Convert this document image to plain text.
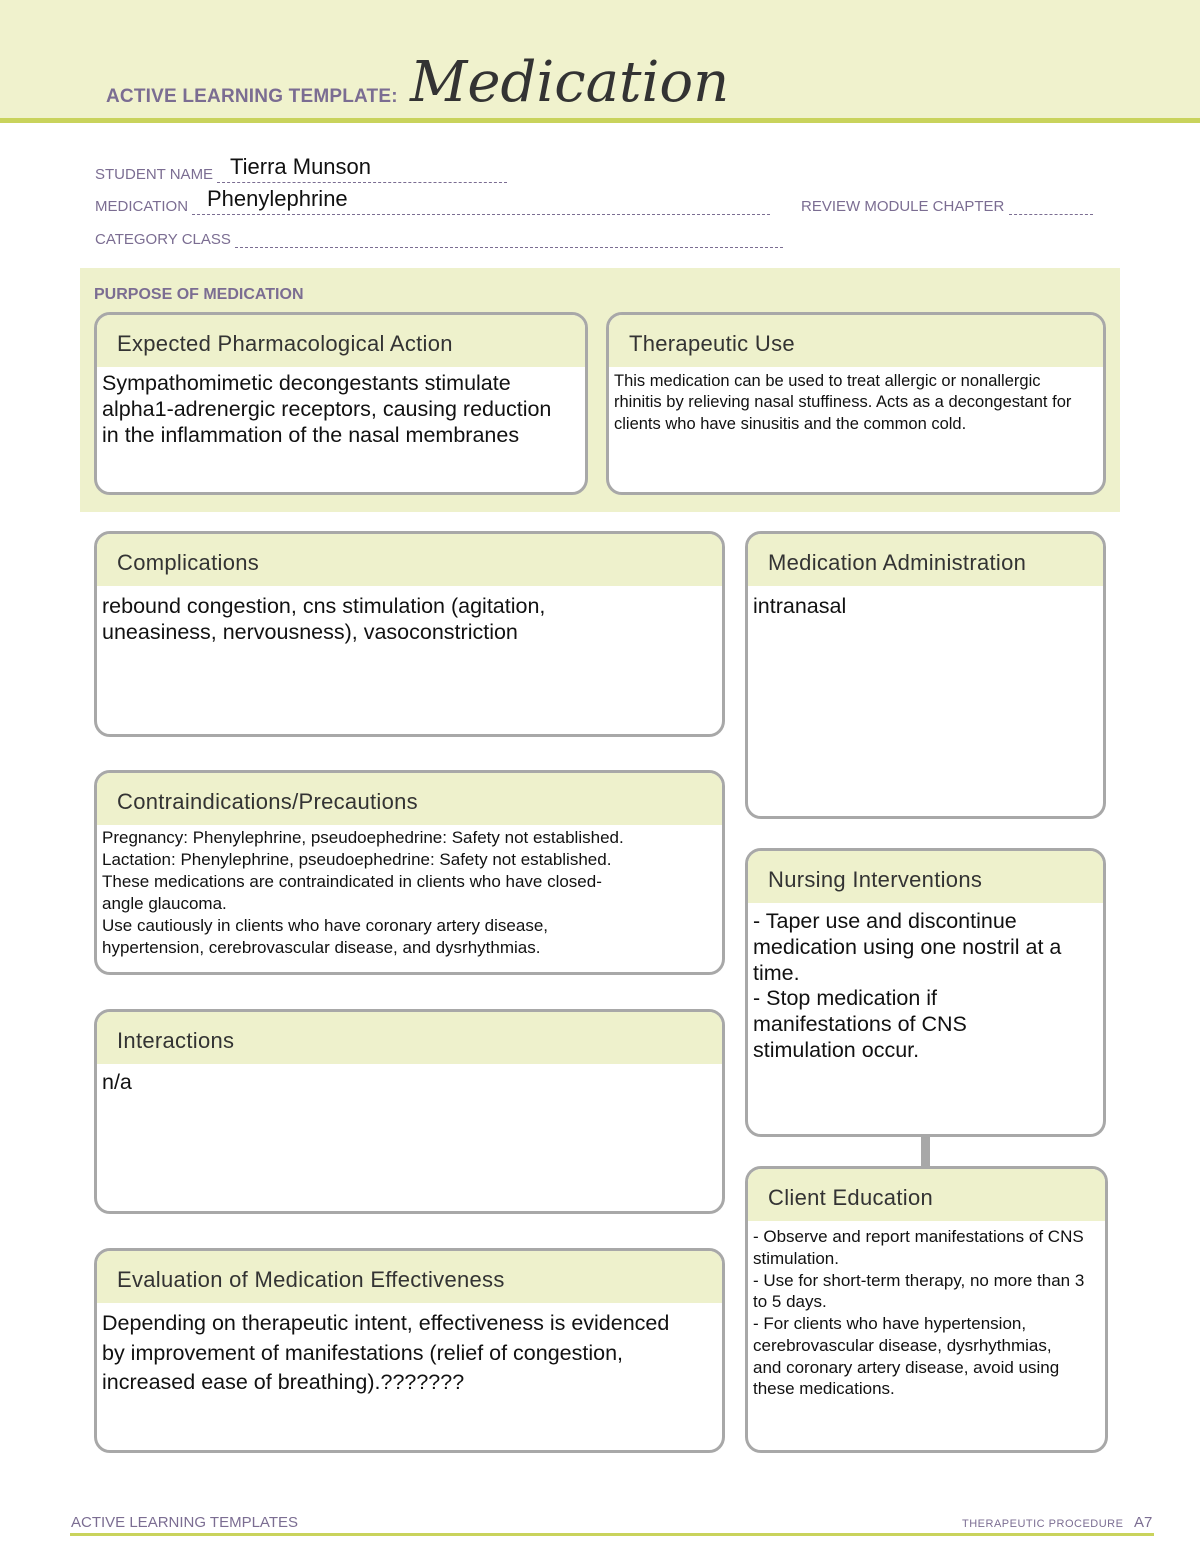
ACTIVE LEARNING TEMPLATE: Medication
STUDENT NAME Tierra Munson
MEDICATION Phenylephrine	REVIEW MODULE CHAPTER
CATEGORY CLASS
PURPOSE OF MEDICATION
Expected Pharmacological Action
Sympathomimetic decongestants stimulate alpha1-adrenergic receptors, causing reduction in the inflammation of the nasal membranes
Therapeutic Use
This medication can be used to treat allergic or nonallergic rhinitis by relieving nasal stuffiness. Acts as a decongestant for clients who have sinusitis and the common cold.
Complications
rebound congestion, cns stimulation (agitation, uneasiness, nervousness), vasoconstriction
Medication Administration
intranasal
Contraindications/Precautions
Pregnancy: Phenylephrine, pseudoephedrine: Safety not established.
Lactation: Phenylephrine, pseudoephedrine: Safety not established.
These medications are contraindicated in clients who have closed-angle glaucoma.
Use cautiously in clients who have coronary artery disease, hypertension, cerebrovascular disease, and dysrhythmias.
Nursing Interventions
- Taper use and discontinue medication using one nostril at a time.
- Stop medication if manifestations of CNS stimulation occur.
Interactions
n/a
Client Education
- Observe and report manifestations of CNS stimulation.
- Use for short-term therapy, no more than 3 to 5 days.
- For clients who have hypertension, cerebrovascular disease, dysrhythmias, and coronary artery disease, avoid using these medications.
Evaluation of Medication Effectiveness
Depending on therapeutic intent, effectiveness is evidenced by improvement of manifestations (relief of congestion, increased ease of breathing).???????
ACTIVE LEARNING TEMPLATES	THERAPEUTIC PROCEDURE A7
